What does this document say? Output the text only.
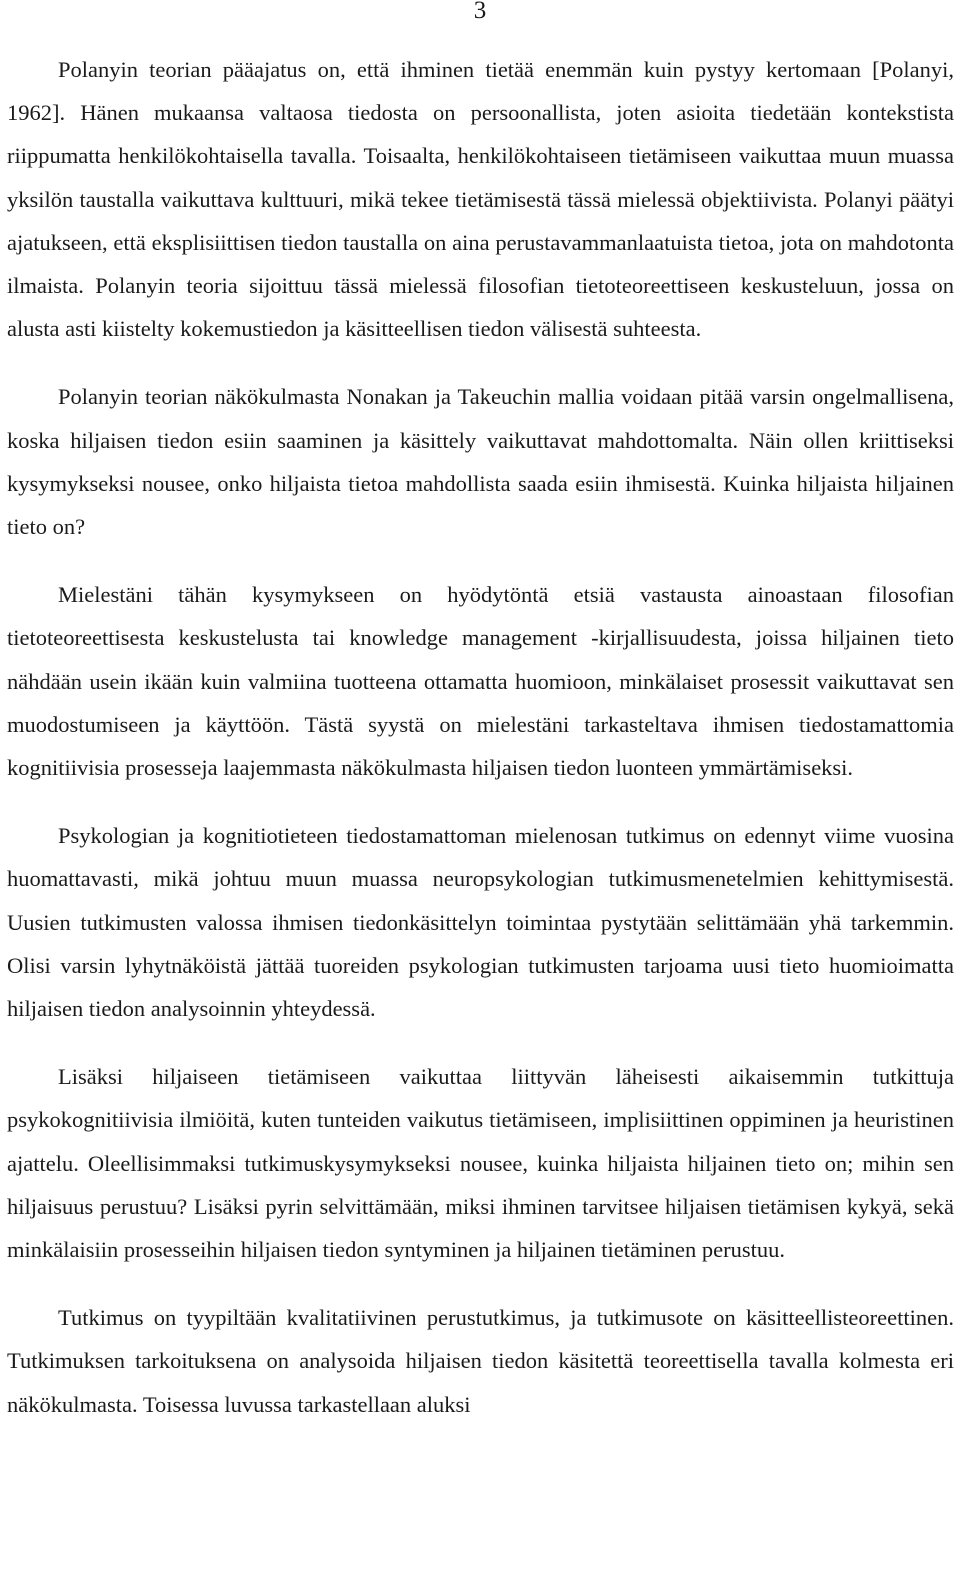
3

Polanyin teorian pääajatus on, että ihminen tietää enemmän kuin pystyy kertomaan [Polanyi, 1962]. Hänen mukaansa valtaosa tiedosta on persoonallista, joten asioita tiedetään kontekstista riippumatta henkilökohtaisella tavalla. Toisaalta, henkilökohtaiseen tietämiseen vaikuttaa muun muassa yksilön taustalla vaikuttava kulttuuri, mikä tekee tietämisestä tässä mielessä objektiivista. Polanyi päätyi ajatukseen, että eksplisiittisen tiedon taustalla on aina perustavammanlaatuista tietoa, jota on mahdotonta ilmaista. Polanyin teoria sijoittuu tässä mielessä filosofian tietoteoreettiseen keskusteluun, jossa on alusta asti kiistelty kokemustiedon ja käsitteellisen tiedon välisestä suhteesta.

Polanyin teorian näkökulmasta Nonakan ja Takeuchin mallia voidaan pitää varsin ongelmallisena, koska hiljaisen tiedon esiin saaminen ja käsittely vaikuttavat mahdottomalta. Näin ollen kriittiseksi kysymykseksi nousee, onko hiljaista tietoa mahdollista saada esiin ihmisestä. Kuinka hiljaista hiljainen tieto on?

Mielestäni tähän kysymykseen on hyödytöntä etsiä vastausta ainoastaan filosofian tietoteoreettisesta keskustelusta tai knowledge management -kirjallisuudesta, joissa hiljainen tieto nähdään usein ikään kuin valmiina tuotteena ottamatta huomioon, minkälaiset prosessit vaikuttavat sen muodostumiseen ja käyttöön. Tästä syystä on mielestäni tarkasteltava ihmisen tiedostamattomia kognitiivisia prosesseja laajemmasta näkökulmasta hiljaisen tiedon luonteen ymmärtämiseksi.

Psykologian ja kognitiotieteen tiedostamattoman mielenosan tutkimus on edennyt viime vuosina huomattavasti, mikä johtuu muun muassa neuropsykologian tutkimusmenetelmien kehittymisestä. Uusien tutkimusten valossa ihmisen tiedonkäsittelyn toimintaa pystytään selittämään yhä tarkemmin. Olisi varsin lyhytnäköistä jättää tuoreiden psykologian tutkimusten tarjoama uusi tieto huomioimatta hiljaisen tiedon analysoinnin yhteydessä.

Lisäksi hiljaiseen tietämiseen vaikuttaa liittyvän läheisesti aikaisemmin tutkittuja psykokognitiivisia ilmiöitä, kuten tunteiden vaikutus tietämiseen, implisiittinen oppiminen ja heuristinen ajattelu. Oleellisimmaksi tutkimuskysymykseksi nousee, kuinka hiljaista hiljainen tieto on; mihin sen hiljaisuus perustuu? Lisäksi pyrin selvittämään, miksi ihminen tarvitsee hiljaisen tietämisen kykyä, sekä minkälaisiin prosesseihin hiljaisen tiedon syntyminen ja hiljainen tietäminen perustuu.

Tutkimus on tyypiltään kvalitatiivinen perustutkimus, ja tutkimusote on käsitteellisteoreettinen. Tutkimuksen tarkoituksena on analysoida hiljaisen tiedon käsitettä teoreettisella tavalla kolmesta eri näkökulmasta. Toisessa luvussa tarkastellaan aluksi
